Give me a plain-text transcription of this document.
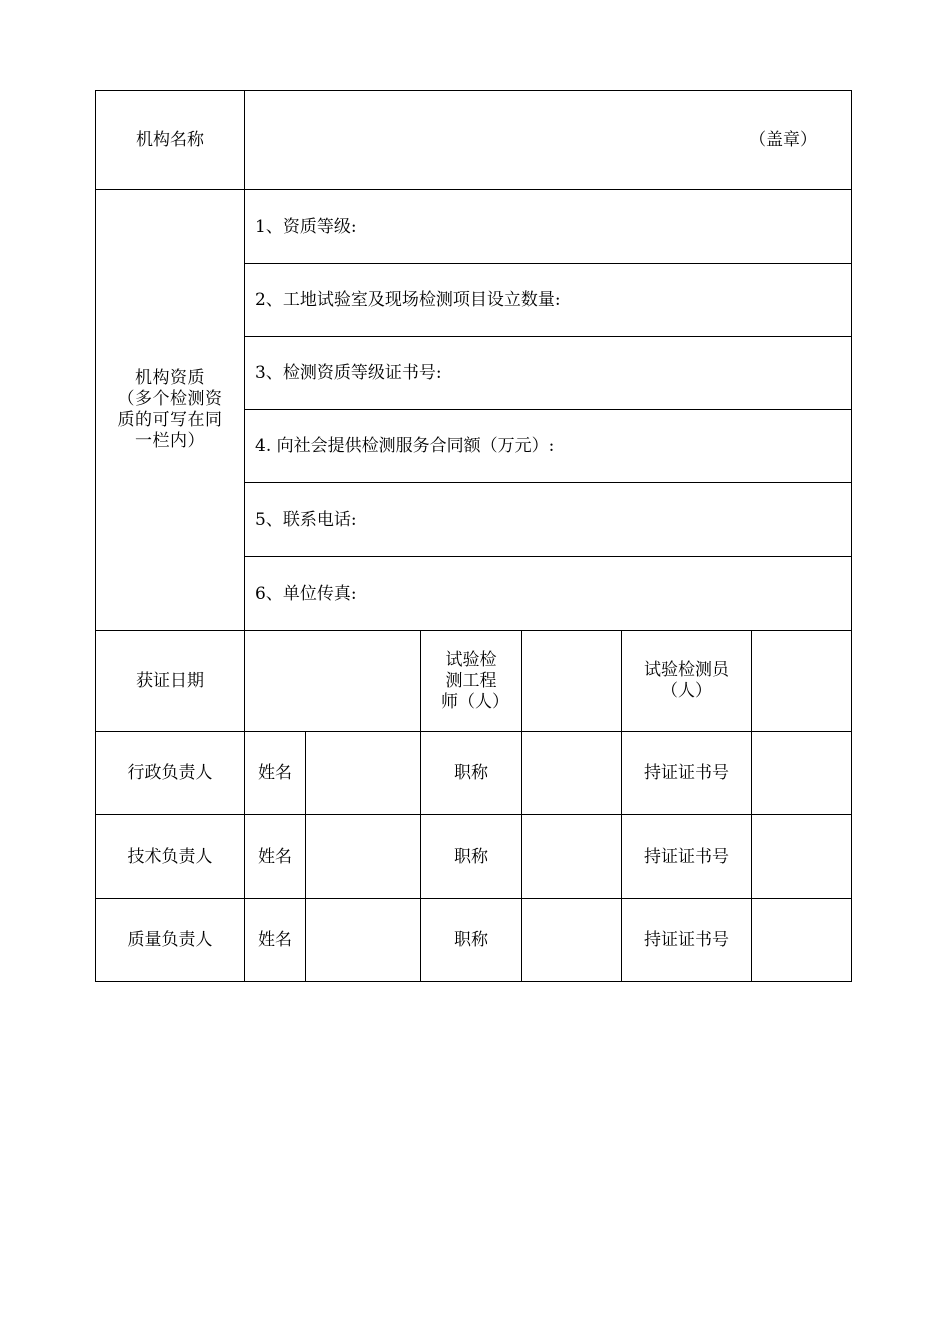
机构名称	（盖章）					

机构资质
（多个检测资质的可写在同一栏内）	1、资质等级:					
	2、工地试验室及现场检测项目设立数量:					
	3、检测资质等级证书号:					
	4. 向社会提供检测服务合同额（万元）:					
	5、联系电话:					
	6、单位传真:					
获证日期			试验检测工程师（人）		试验检测员（人）	

行政负责人	姓名		职称		持证证书号	
技术负责人	姓名		职称		持证证书号	
质量负责人	姓名		职称		持证证书号	
